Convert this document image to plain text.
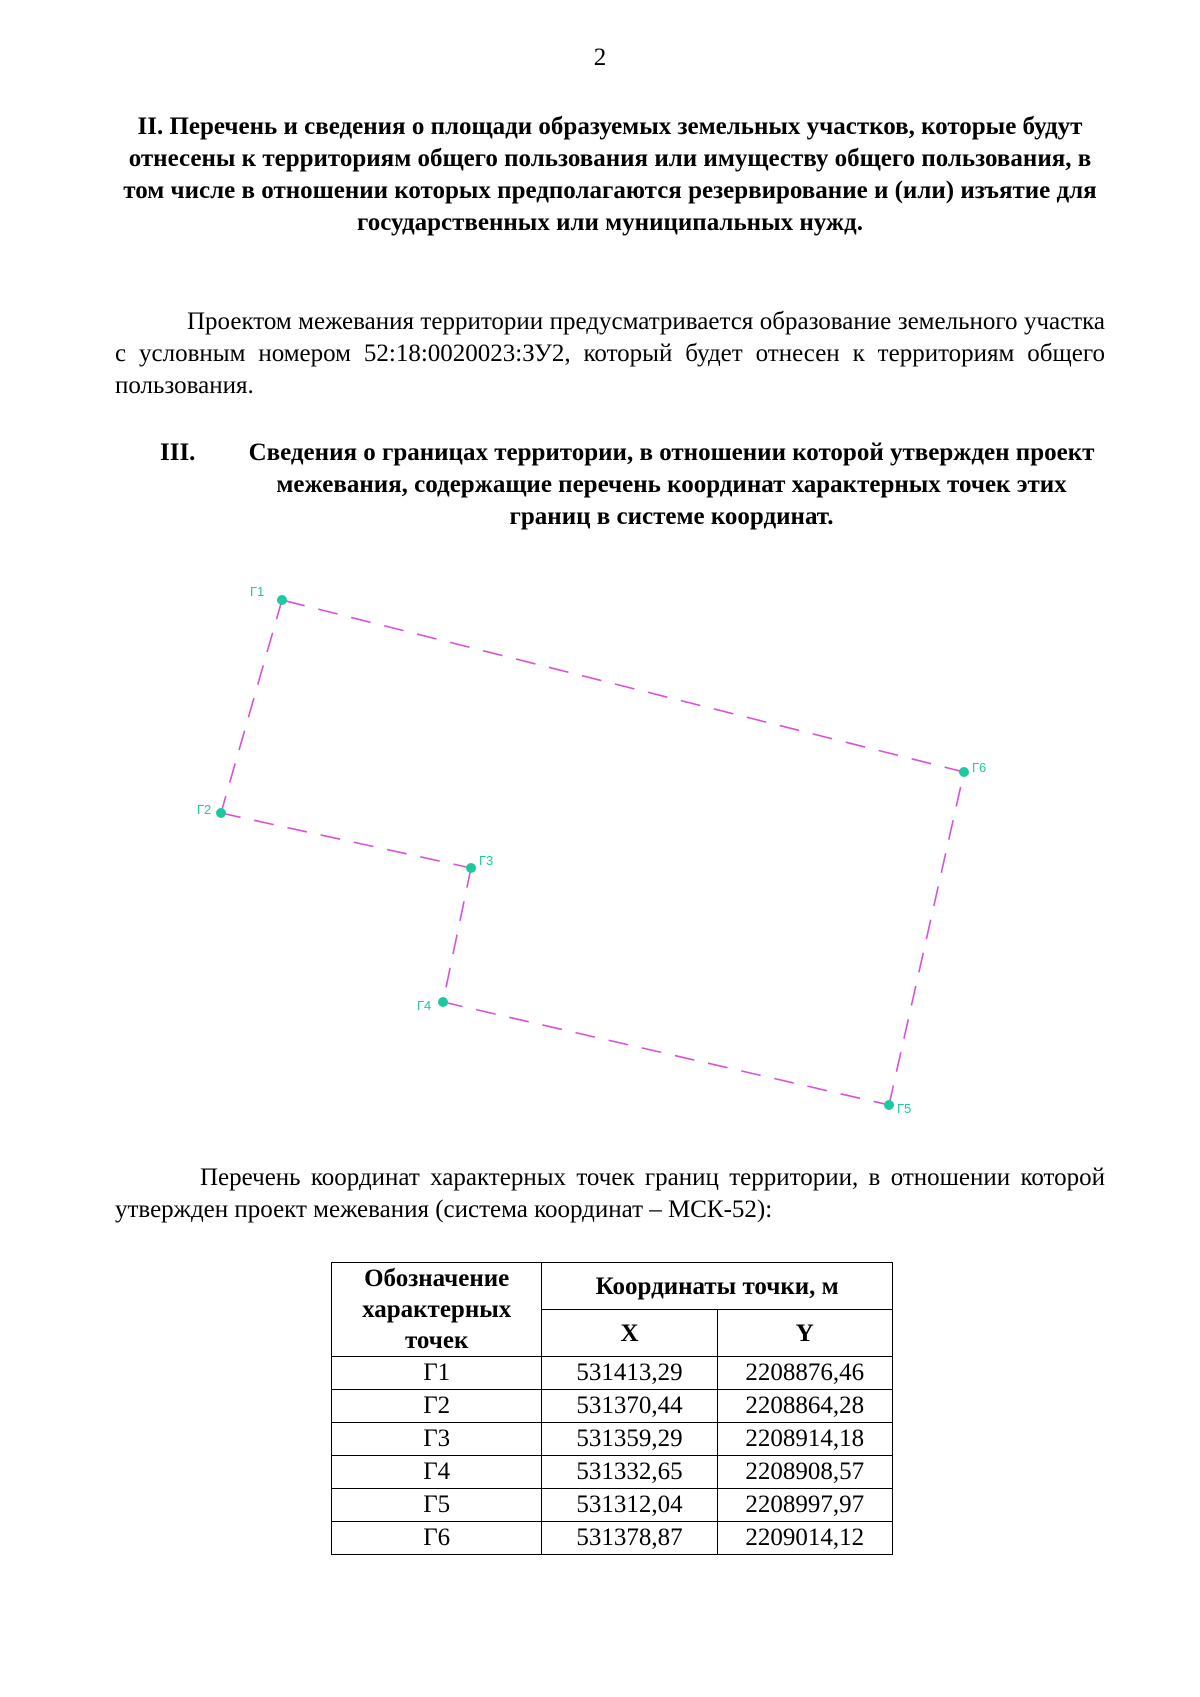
2
II. Перечень и сведения о площади образуемых земельных участков, которые будут отнесены к территориям общего пользования или имуществу общего пользования, в том числе в отношении которых предполагаются резервирование и (или) изъятие для государственных или муниципальных нужд.
Проектом межевания территории предусматривается образование земельного участка с условным номером 52:18:0020023:ЗУ2, который будет отнесен к территориям общего пользования.
III.	Сведения о границах территории, в отношении которой утвержден проект межевания, содержащие перечень координат характерных точек этих границ в системе координат.
Г1
Г2
Г3
Г4
Г5
Г6
Перечень координат характерных точек границ территории, в отношении которой утвержден проект межевания (система координат – МСК-52):
Обозначение характерных точек	Координаты точки, м	
	X	Y
Г1	531413,29	2208876,46
Г2	531370,44	2208864,28
Г3	531359,29	2208914,18
Г4	531332,65	2208908,57
Г5	531312,04	2208997,97
Г6	531378,87	2209014,12
